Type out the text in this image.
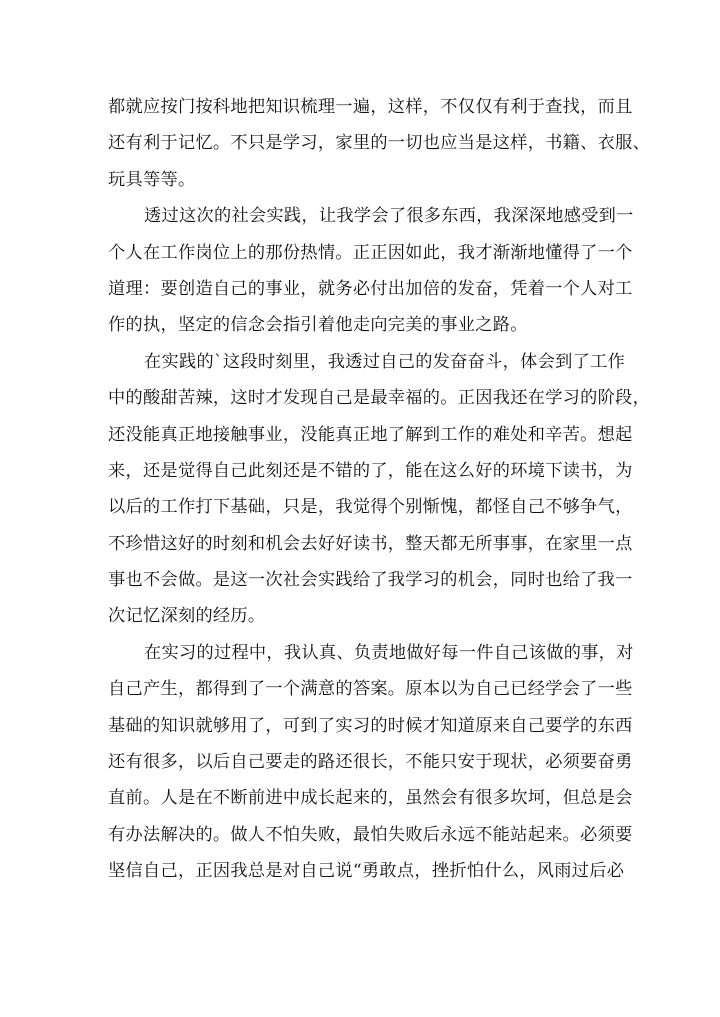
都就应按门按科地把知识梳理一遍，这样，不仅仅有利于查找，而且
还有利于记忆。不只是学习，家里的一切也应当是这样，书籍、衣服、
玩具等等。
透过这次的社会实践，让我学会了很多东西，我深深地感受到一
个人在工作岗位上的那份热情。正正因如此，我才渐渐地懂得了一个
道理：要创造自己的事业，就务必付出加倍的发奋，凭着一个人对工
作的执，坚定的信念会指引着他走向完美的事业之路。
在实践的`这段时刻里，我透过自己的发奋奋斗，体会到了工作
中的酸甜苦辣，这时才发现自己是最幸福的。正因我还在学习的阶段，
还没能真正地接触事业，没能真正地了解到工作的难处和辛苦。想起
来，还是觉得自己此刻还是不错的了，能在这么好的环境下读书，为
以后的工作打下基础，只是，我觉得个别惭愧，都怪自己不够争气，
不珍惜这好的时刻和机会去好好读书，整天都无所事事，在家里一点
事也不会做。是这一次社会实践给了我学习的机会，同时也给了我一
次记忆深刻的经历。
在实习的过程中，我认真、负责地做好每一件自己该做的事，对
自己产生，都得到了一个满意的答案。原本以为自己已经学会了一些
基础的知识就够用了，可到了实习的时候才知道原来自己要学的东西
还有很多，以后自己要走的路还很长，不能只安于现状，必须要奋勇
直前。人是在不断前进中成长起来的，虽然会有很多坎坷，但总是会
有办法解决的。做人不怕失败，最怕失败后永远不能站起来。必须要
坚信自己，正因我总是对自己说“勇敢点，挫折怕什么，风雨过后必
